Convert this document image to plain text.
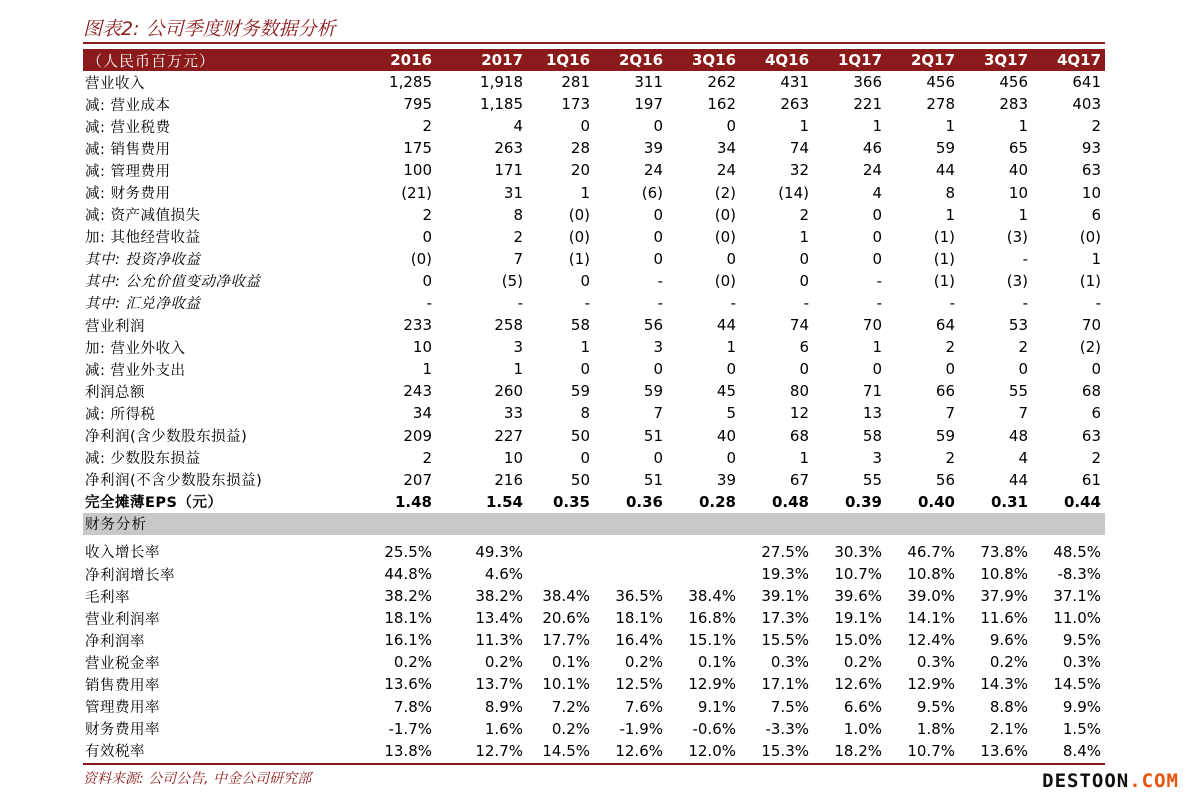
图表2: 公司季度财务数据分析
（人民币百万元）	2016	2017	1Q16	2Q16	3Q16	4Q16	1Q17	2Q17	3Q17	4Q17
营业收入	1,285	1,918	281	311	262	431	366	456	456	641
减: 营业成本	795	1,185	173	197	162	263	221	278	283	403
减: 营业税费	2	4	0	0	0	1	1	1	1	2
减: 销售费用	175	263	28	39	34	74	46	59	65	93
减: 管理费用	100	171	20	24	24	32	24	44	40	63
减: 财务费用	(21)	31	1	(6)	(2)	(14)	4	8	10	10
减: 资产减值损失	2	8	(0)	0	(0)	2	0	1	1	6
加: 其他经营收益	0	2	(0)	0	(0)	1	0	(1)	(3)	(0)
其中: 投资净收益	(0)	7	(1)	0	0	0	0	(1)	-	1
其中: 公允价值变动净收益	0	(5)	0	-	(0)	0	-	(1)	(3)	(1)
其中: 汇兑净收益	-	-	-	-	-	-	-	-	-	-
营业利润	233	258	58	56	44	74	70	64	53	70
加: 营业外收入	10	3	1	3	1	6	1	2	2	(2)
减: 营业外支出	1	1	0	0	0	0	0	0	0	0
利润总额	243	260	59	59	45	80	71	66	55	68
减: 所得税	34	33	8	7	5	12	13	7	7	6
净利润(含少数股东损益)	209	227	50	51	40	68	58	59	48	63
减: 少数股东损益	2	10	0	0	0	1	3	2	4	2
净利润(不含少数股东损益)	207	216	50	51	39	67	55	56	44	61
完全摊薄EPS（元）	1.48	1.54	0.35	0.36	0.28	0.48	0.39	0.40	0.31	0.44
财务分析										

收入增长率	25.5%	49.3%				27.5%	30.3%	46.7%	73.8%	48.5%
净利润增长率	44.8%	4.6%				19.3%	10.7%	10.8%	10.8%	-8.3%
毛利率	38.2%	38.2%	38.4%	36.5%	38.4%	39.1%	39.6%	39.0%	37.9%	37.1%
营业利润率	18.1%	13.4%	20.6%	18.1%	16.8%	17.3%	19.1%	14.1%	11.6%	11.0%
净利润率	16.1%	11.3%	17.7%	16.4%	15.1%	15.5%	15.0%	12.4%	9.6%	9.5%
营业税金率	0.2%	0.2%	0.1%	0.2%	0.1%	0.3%	0.2%	0.3%	0.2%	0.3%
销售费用率	13.6%	13.7%	10.1%	12.5%	12.9%	17.1%	12.6%	12.9%	14.3%	14.5%
管理费用率	7.8%	8.9%	7.2%	7.6%	9.1%	7.5%	6.6%	9.5%	8.8%	9.9%
财务费用率	-1.7%	1.6%	0.2%	-1.9%	-0.6%	-3.3%	1.0%	1.8%	2.1%	1.5%
有效税率	13.8%	12.7%	14.5%	12.6%	12.0%	15.3%	18.2%	10.7%	13.6%	8.4%
资料来源: 公司公告, 中金公司研究部	DESTOON.COM
